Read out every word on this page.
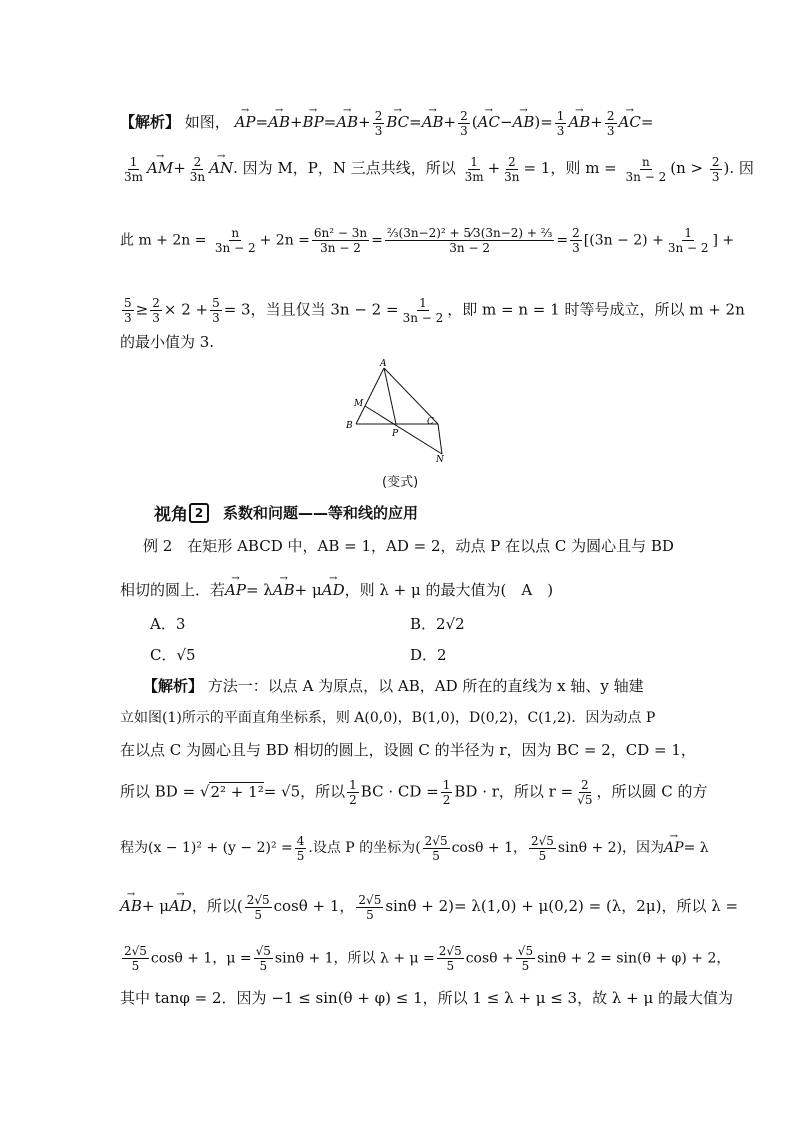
【解析】 如图， → $AP=\to AB+\to BP=\to AB+ \frac{2}{3}$
→ $BC=\to AB+ \frac{2}{3}$ (→ $AC-\to AB)= \frac{1}{3}$
→ $AB+ \frac{2}{3}$
→ AC=
$\frac{1}{3m}$
→ $AM+ \frac{2}{3n}$
→ AN. 因为 M，P，N 三点共线，所以 $\frac{1}{3m} + \frac{2}{3n} = 1$，则 $m = \frac{n}{3n - 2} (n > \frac{2}{3}$ ). 因
此 $m + 2n = \frac{n}{3n - 2} + 2n = \frac{\text{6n² − 3n}}{3n - 2} = \frac{\text{⅔(3n−2)² + 5⁄3(3n−2) + ⅔}}{3n - 2} = \frac{2}{3} [(3n - 2) + \frac{1}{3n - 2}$ ] +
$\frac{5}{3} \ge \frac{2}{3} \times 2 + \frac{5}{3} = 3$，当且仅当 $3n - 2 = \frac{1}{3n - 2}$ ，即 m = n = 1 时等号成立，所以 m + 2n
的最小值为 3.
A
M
B
P
C
N
(变式)
视角 2	系数和问题——等和线的应用
例 2　在矩形 ABCD 中，AB = 1，AD = 2，动点 P 在以点 C 为圆心且与 BD
相切的圆上．若→ AP= λ→ AB+ μ→ AD，则 λ + μ 的最大值为(　A　)
A．3	B．2√2
C．√5	D．2
【解析】 方法一：以点 A 为原点，以 AB，AD 所在的直线为 x 轴、y 轴建
立如图(1)所示的平面直角坐标系，则 A(0,0)，B(1,0)，D(0,2)，C(1,2)．因为动点 P
在以点 C 为圆心且与 BD 相切的圆上，设圆 C 的半径为 r，因为 BC = 2，CD = 1，
所以 BD = √2² + 1²= √5，所以 $\frac{1}{2}$ BC · CD = $\frac{1}{2}$ BD · r，所以 $r = \frac{2}{√5}$ ，所以圆 C 的方
程为$(x - 1)^2 + (y - 2)^2 = \frac{4}{5}$ .设点 P 的坐标为( $\frac{2√5}{5}$ cosθ + 1， $\frac{2√5}{5}$ sinθ + 2)，因为→ AP= λ
→ AB+ μ→ AD，所以( $\frac{2√5}{5}$ cosθ + 1， $\frac{2√5}{5}$ sinθ + 2)= λ(1,0) + μ(0,2) = (λ，2μ)，所以 λ =
$\frac{2√5}{5}$ cosθ + 1，$\mu = \frac{√5}{5}$ sinθ + 1，所以 $\lambda + \mu = \frac{2√5}{5}$ $\cos\theta + \frac{√5}{5}$ sinθ + 2 = sin(θ + φ) + 2，
其中 tanφ = 2．因为 −1 ≤ sin(θ + φ) ≤ 1，所以 1 ≤ λ + μ ≤ 3，故 λ + μ 的最大值为
